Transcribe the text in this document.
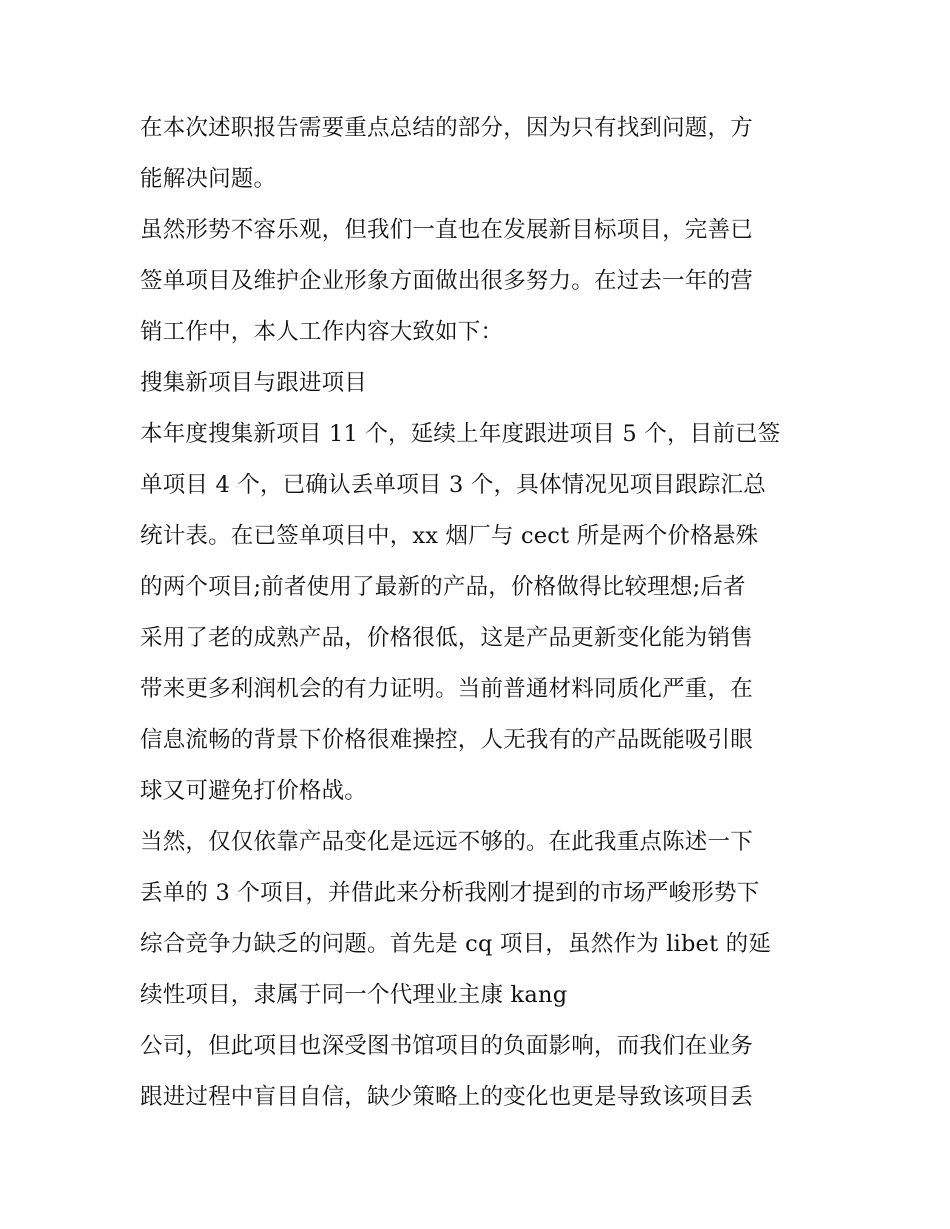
在本次述职报告需要重点总结的部分，因为只有找到问题，方
能解决问题。
虽然形势不容乐观，但我们一直也在发展新目标项目，完善已
签单项目及维护企业形象方面做出很多努力。在过去一年的营
销工作中，本人工作内容大致如下：
搜集新项目与跟进项目
本年度搜集新项目 11 个，延续上年度跟进项目 5 个，目前已签
单项目 4 个，已确认丢单项目 3 个，具体情况见项目跟踪汇总
统计表。在已签单项目中，xx 烟厂与 cect 所是两个价格悬殊
的两个项目;前者使用了最新的产品，价格做得比较理想;后者
采用了老的成熟产品，价格很低，这是产品更新变化能为销售
带来更多利润机会的有力证明。当前普通材料同质化严重，在
信息流畅的背景下价格很难操控，人无我有的产品既能吸引眼
球又可避免打价格战。
当然，仅仅依靠产品变化是远远不够的。在此我重点陈述一下
丢单的 3 个项目，并借此来分析我刚才提到的市场严峻形势下
综合竞争力缺乏的问题。首先是 cq 项目，虽然作为 libet 的延
续性项目，隶属于同一个代理业主康 kang
公司，但此项目也深受图书馆项目的负面影响，而我们在业务
跟进过程中盲目自信，缺少策略上的变化也更是导致该项目丢
